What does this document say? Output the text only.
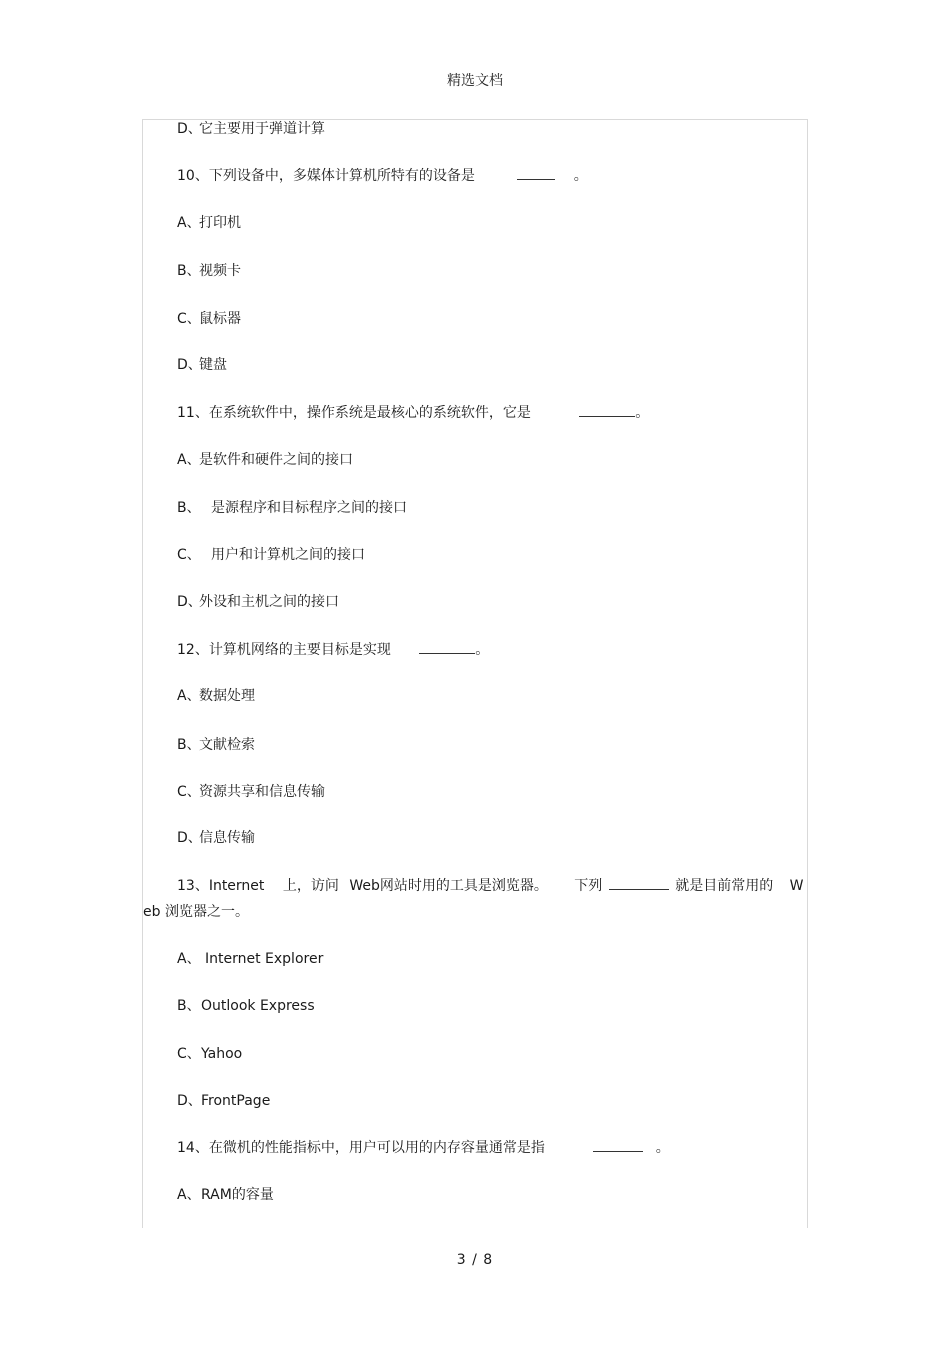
精选文档
D、它主要用于弹道计算
10、下列设备中，多媒体计算机所特有的设备是	。
A、打印机
B、视频卡
C、鼠标器
D、键盘
11、在系统软件中，操作系统是最核心的系统软件，它是	。
A、是软件和硬件之间的接口
B、 是源程序和目标程序之间的接口
C、 用户和计算机之间的接口
D、外设和主机之间的接口
12、计算机网络的主要目标是实现	。
A、数据处理
B、文献检索
C、资源共享和信息传输
D、信息传输
13、Internet 上，访问 Web网站时用的工具是浏览器。 下列	就是目前常用的 W
eb 浏览器之一。
A、 Internet Explorer
B、Outlook Express
C、Yahoo
D、FrontPage
14、在微机的性能指标中，用户可以用的内存容量通常是指	。
A、RAM的容量
3 / 8
